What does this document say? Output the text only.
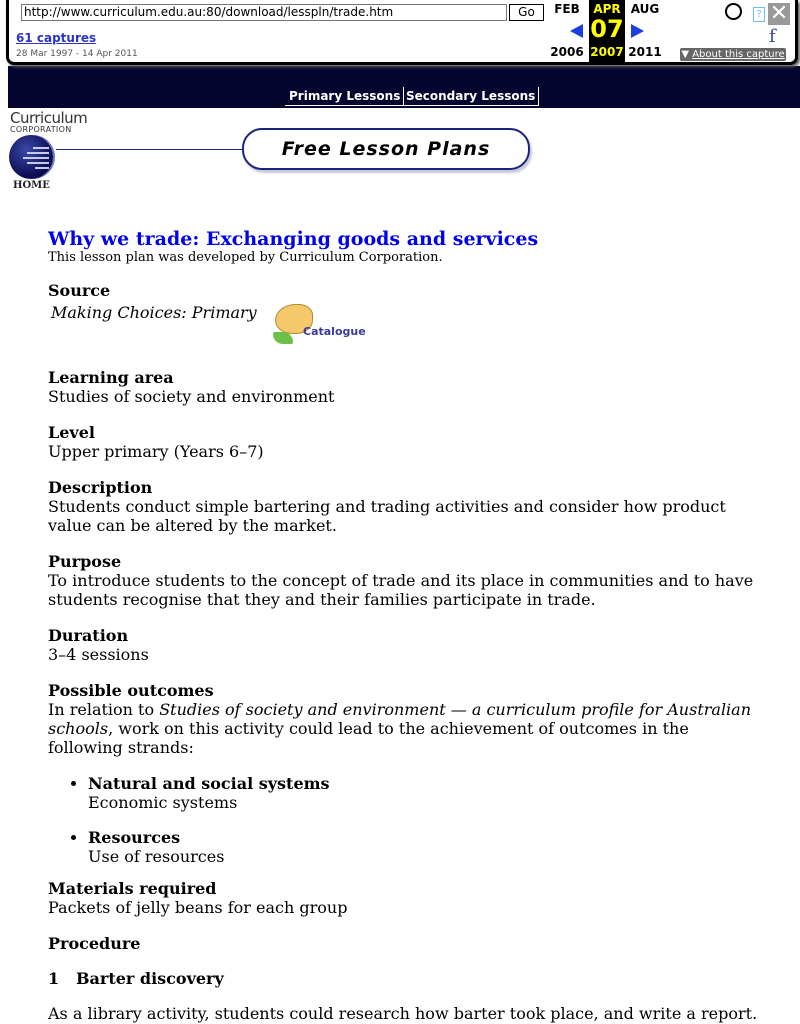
http://www.curriculum.edu.au:80/download/lesspln/trade.htm	Go
61 captures
28 Mar 1997 - 14 Apr 2011
FEB
2006
APR
07
2007
AUG
2011
? ✕
f
▼ About this capture
Primary Lessons Secondary Lessons
Curriculum
CORPORATION
HOME
Free Lesson Plans
Why we trade: Exchanging goods and services

This lesson plan was developed by Curriculum Corporation.

Source

Making Choices: Primary
Catalogue

Learning area

Studies of society and environment

Level

Upper primary (Years 6–7)

Description

Students conduct simple bartering and trading activities and consider how product value can be altered by the market.

Purpose

To introduce students to the concept of trade and its place in communities and to have students recognise that they and their families participate in trade.

Duration

3–4 sessions

Possible outcomes

In relation to Studies of society and environment — a curriculum profile for Australian schools, work on this activity could lead to the achievement of outcomes in the following strands:

• Natural and social systems
Economic systems
• Resources
Use of resources

Materials required

Packets of jelly beans for each group

Procedure

1 Barter discovery

As a library activity, students could research how barter took place, and write a report.
